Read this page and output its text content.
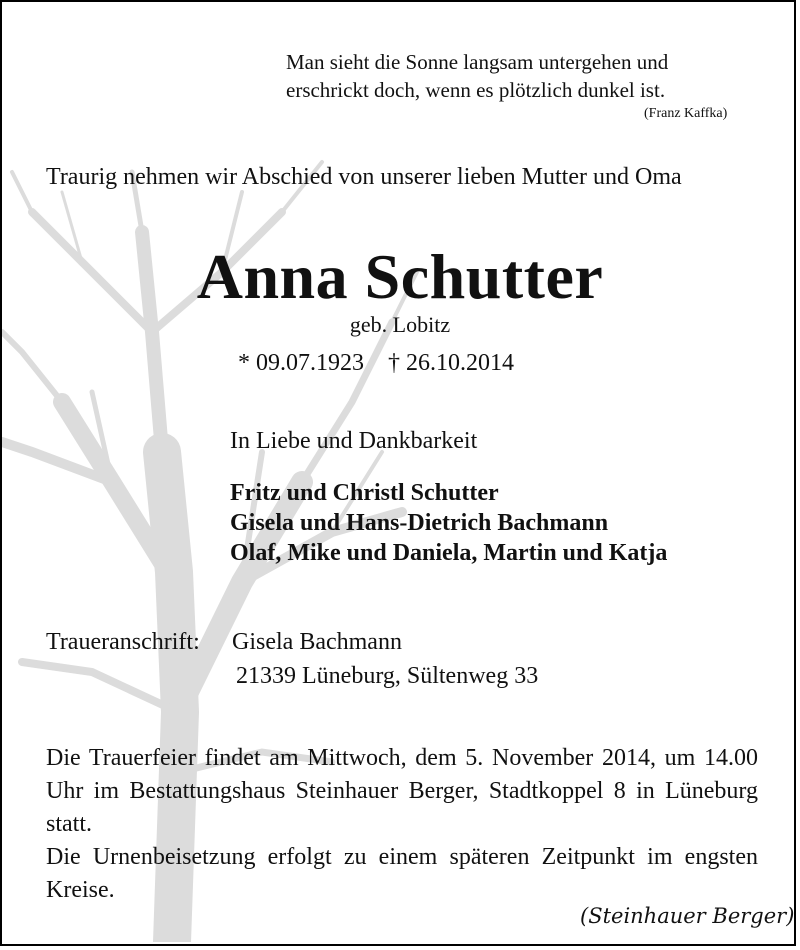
Man sieht die Sonne langsam untergehen und
erschrickt doch, wenn es plötzlich dunkel ist.
(Franz Kaffka)
Traurig nehmen wir Abschied von unserer lieben Mutter und Oma
Anna Schutter
geb. Lobitz
* 09.07.1923 † 26.10.2014
In Liebe und Dankbarkeit
Fritz und Christl Schutter
Gisela und Hans-Dietrich Bachmann
Olaf, Mike und Daniela, Martin und Katja
Traueranschrift: Gisela Bachmann
21339 Lüneburg, Sültenweg 33

Die Trauerfeier findet am Mittwoch, dem 5. November 2014, um 14.00 Uhr im Bestattungshaus Steinhauer Berger, Stadtkoppel 8 in Lüneburg statt.

Die Urnenbeisetzung erfolgt zu einem späteren Zeitpunkt im engsten Kreise.

(Steinhauer Berger)
